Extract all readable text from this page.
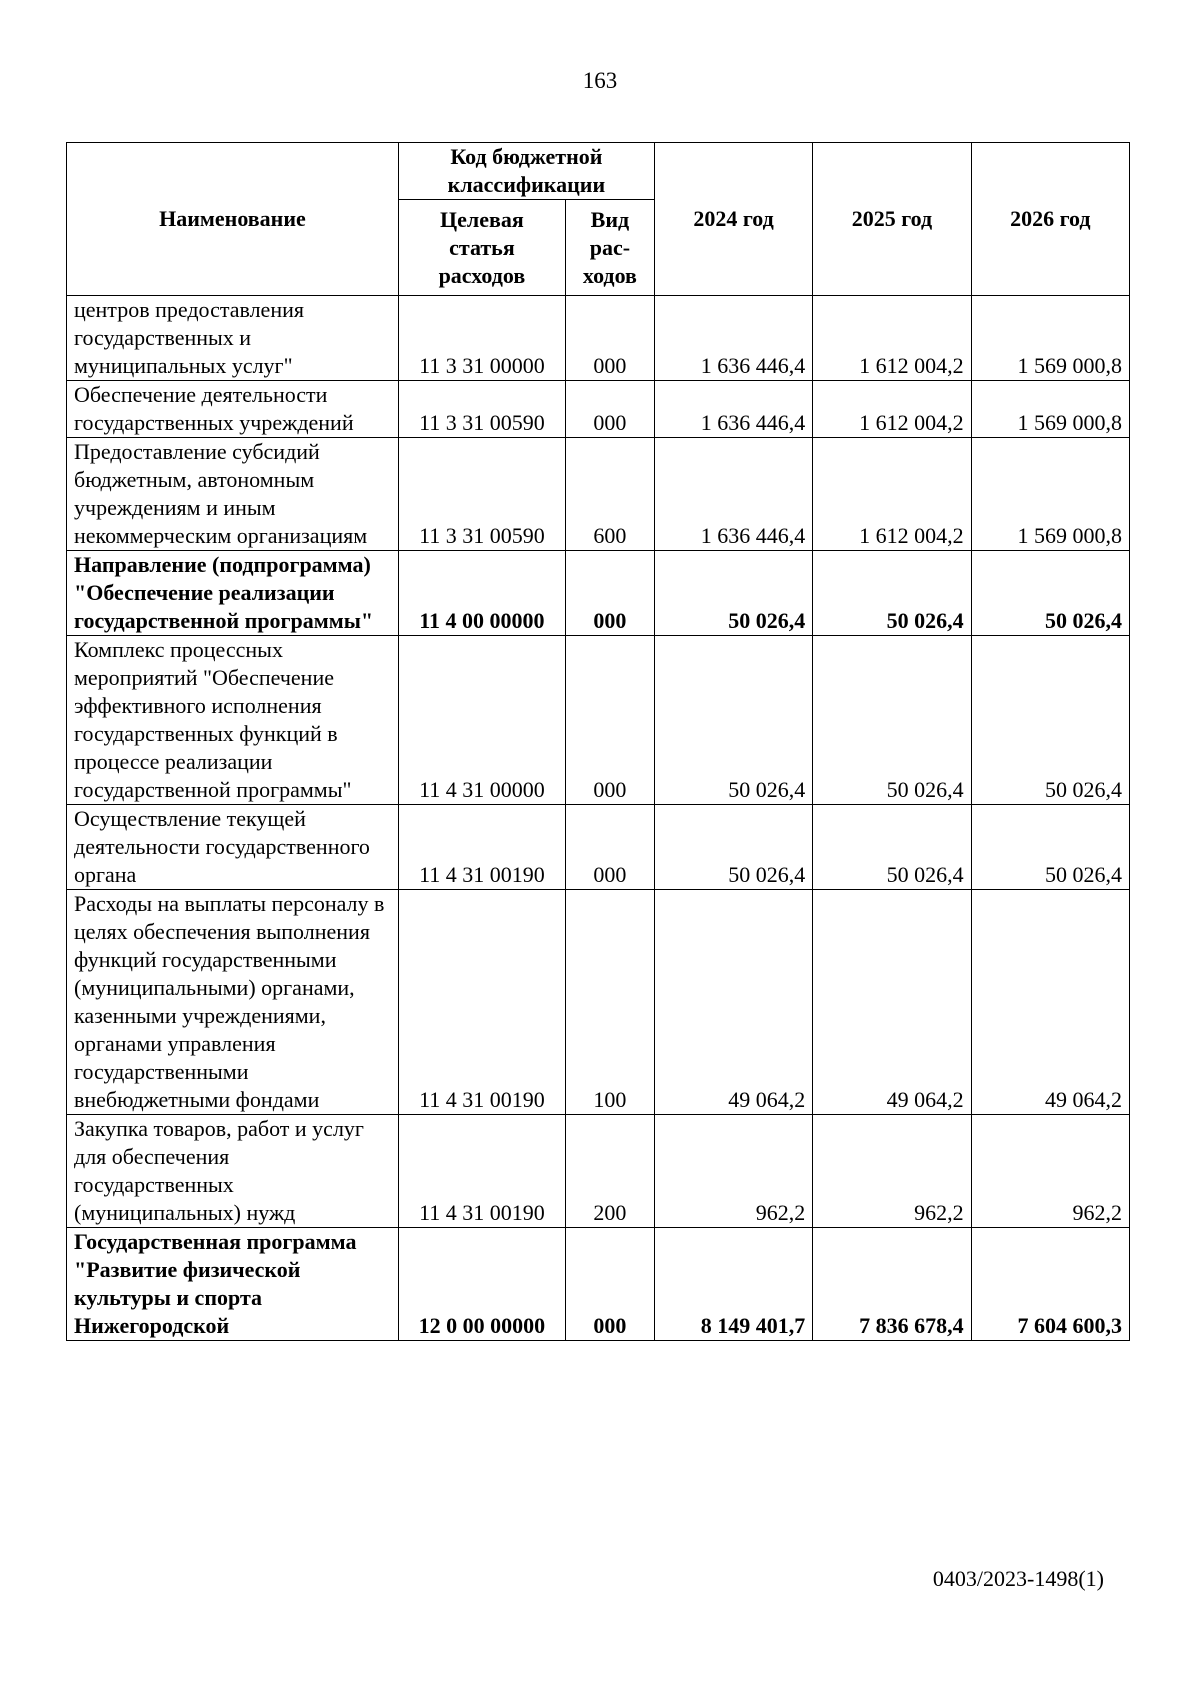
163
Наименование	Код бюджетной классификации		2024 год	2025 год	2026 год
	Целевая статья расходов	Вид рас-ходов			
центров предоставления государственных и муниципальных услуг"	11 3 31 00000	000	1 636 446,4	1 612 004,2	1 569 000,8
Обеспечение деятельности государственных учреждений	11 3 31 00590	000	1 636 446,4	1 612 004,2	1 569 000,8
Предоставление субсидий бюджетным, автономным учреждениям и иным некоммерческим организациям	11 3 31 00590	600	1 636 446,4	1 612 004,2	1 569 000,8
Направление (подпрограмма) "Обеспечение реализации государственной программы"	11 4 00 00000	000	50 026,4	50 026,4	50 026,4
Комплекс процессных мероприятий "Обеспечение эффективного исполнения государственных функций в процессе реализации государственной программы"	11 4 31 00000	000	50 026,4	50 026,4	50 026,4
Осуществление текущей деятельности государственного органа	11 4 31 00190	000	50 026,4	50 026,4	50 026,4
Расходы на выплаты персоналу в целях обеспечения выполнения функций государственными (муниципальными) органами, казенными учреждениями, органами управления государственными внебюджетными фондами	11 4 31 00190	100	49 064,2	49 064,2	49 064,2
Закупка товаров, работ и услуг для обеспечения государственных (муниципальных) нужд	11 4 31 00190	200	962,2	962,2	962,2
Государственная программа "Развитие физической культуры и спорта Нижегородской	12 0 00 00000	000	8 149 401,7	7 836 678,4	7 604 600,3
0403/2023-1498(1)
